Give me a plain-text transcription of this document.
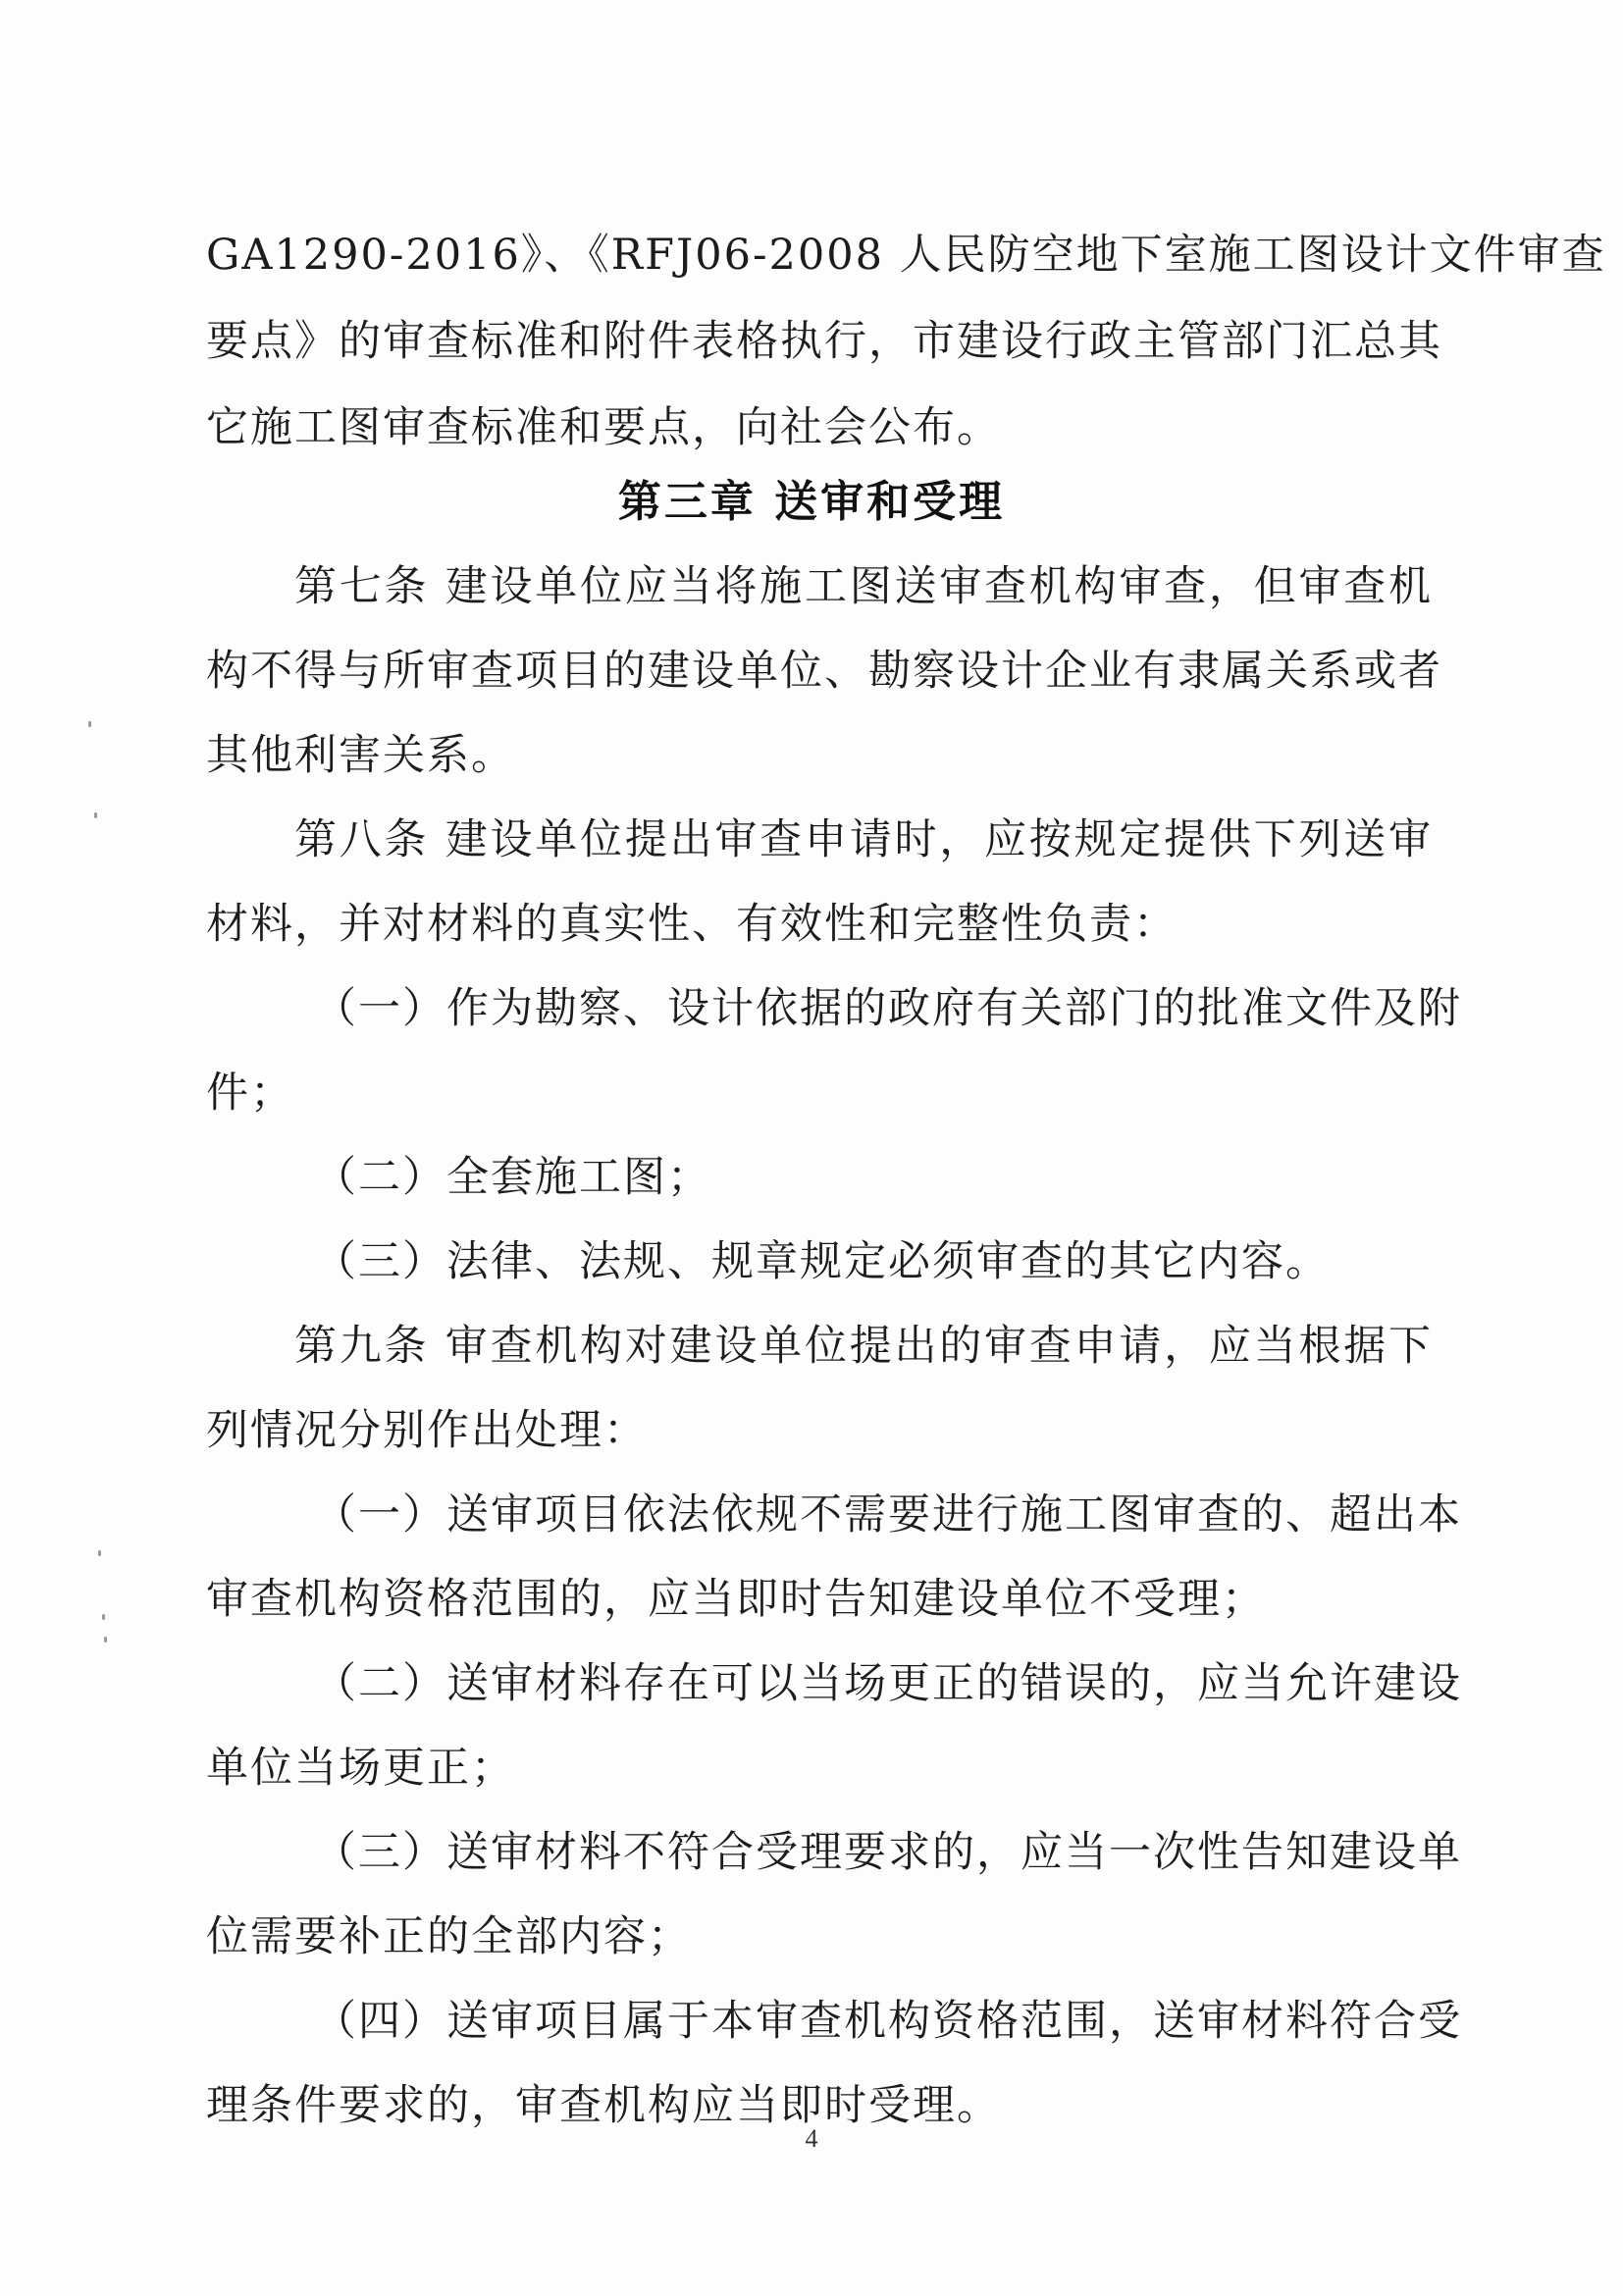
GA1290-2016》、《RFJ06-2008 人民防空地下室施工图设计文件审查
要点》的审查标准和附件表格执行，市建设行政主管部门汇总其
它施工图审查标准和要点，向社会公布。
第三章 送审和受理
第七条 建设单位应当将施工图送审查机构审查，但审查机
构不得与所审查项目的建设单位、勘察设计企业有隶属关系或者
其他利害关系。
第八条 建设单位提出审查申请时，应按规定提供下列送审
材料，并对材料的真实性、有效性和完整性负责：
（一）作为勘察、设计依据的政府有关部门的批准文件及附
件；
（二）全套施工图；
（三）法律、法规、规章规定必须审查的其它内容。
第九条 审查机构对建设单位提出的审查申请，应当根据下
列情况分别作出处理：
（一）送审项目依法依规不需要进行施工图审查的、超出本
审查机构资格范围的，应当即时告知建设单位不受理；
（二）送审材料存在可以当场更正的错误的，应当允许建设
单位当场更正；
（三）送审材料不符合受理要求的，应当一次性告知建设单
位需要补正的全部内容；
（四）送审项目属于本审查机构资格范围，送审材料符合受
理条件要求的，审查机构应当即时受理。
4
